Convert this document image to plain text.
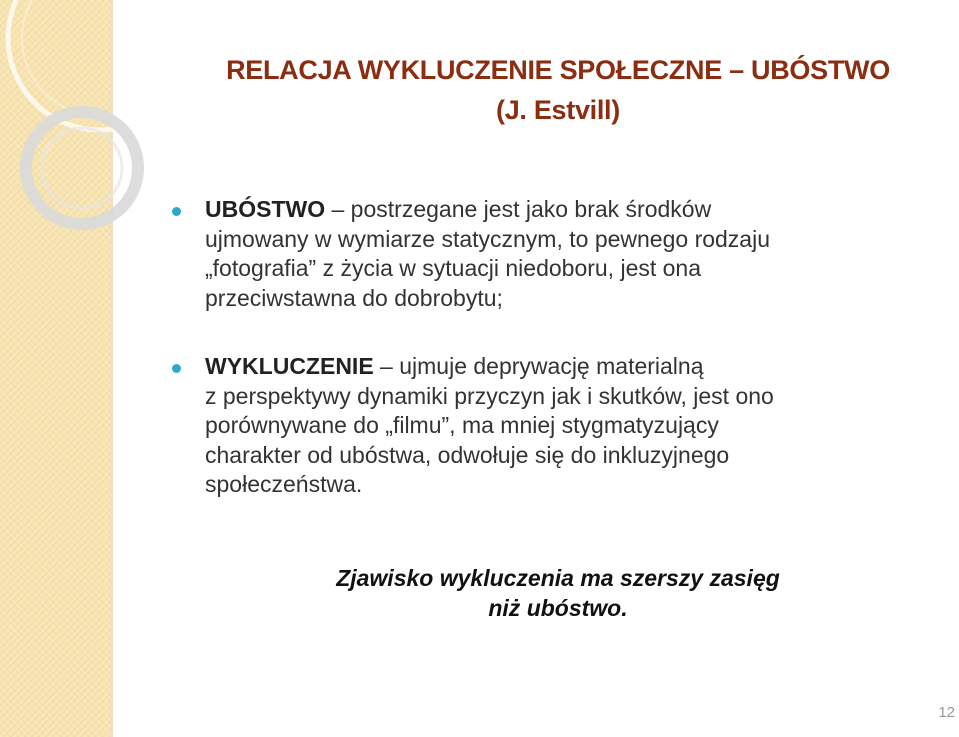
RELACJA WYKLUCZENIE SPOŁECZNE – UBÓSTWO
(J. Estvill)
UBÓSTWO – postrzegane jest jako brak środków
ujmowany w wymiarze statycznym, to pewnego rodzaju
„fotografia” z życia w sytuacji niedoboru, jest ona
przeciwstawna do dobrobytu;
WYKLUCZENIE – ujmuje deprywację materialną
z perspektywy dynamiki przyczyn jak i skutków, jest ono
porównywane do „filmu”, ma mniej stygmatyzujący
charakter od ubóstwa, odwołuje się do inkluzyjnego
społeczeństwa.
Zjawisko wykluczenia ma szerszy zasięg
niż ubóstwo.
12
